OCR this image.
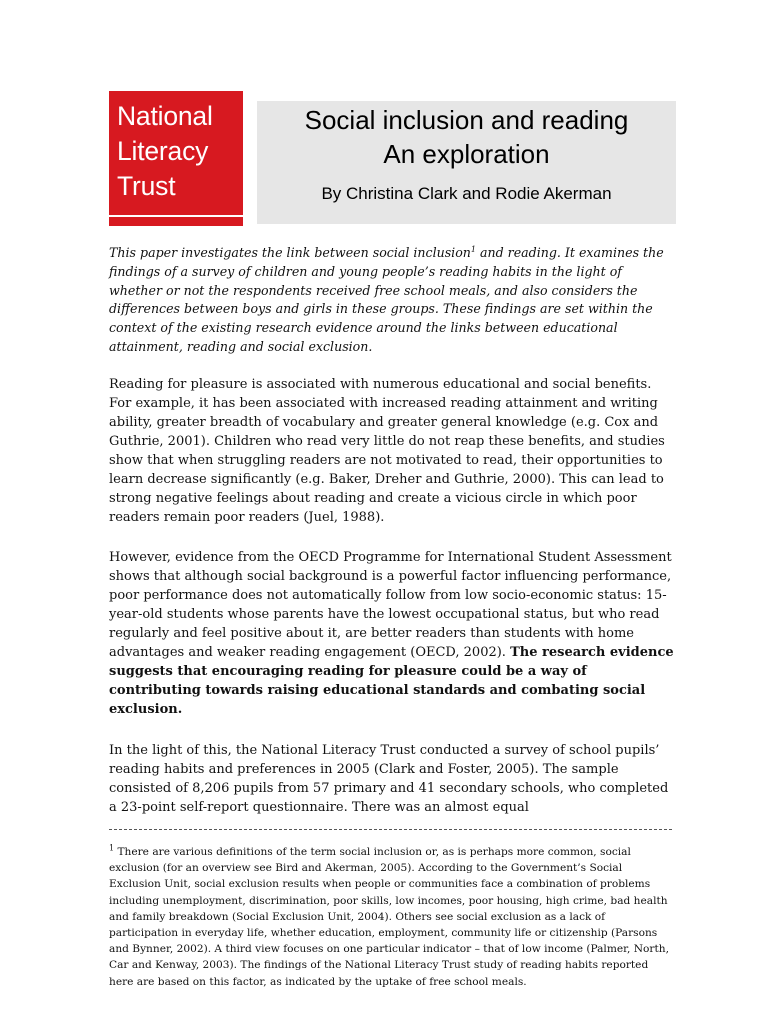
National
Literacy
Trust
Social inclusion and reading
An exploration
By Christina Clark and Rodie Akerman

This paper investigates the link between social inclusion$^1$ and reading. It examines the findings of a survey of children and young people’s reading habits in the light of whether or not the respondents received free school meals, and also considers the differences between boys and girls in these groups. These findings are set within the context of the existing research evidence around the links between educational attainment, reading and social exclusion.

Reading for pleasure is associated with numerous educational and social benefits. For example, it has been associated with increased reading attainment and writing ability, greater breadth of vocabulary and greater general knowledge (e.g. Cox and Guthrie, 2001). Children who read very little do not reap these benefits, and studies show that when struggling readers are not motivated to read, their opportunities to learn decrease significantly (e.g. Baker, Dreher and Guthrie, 2000). This can lead to strong negative feelings about reading and create a vicious circle in which poor readers remain poor readers (Juel, 1988).

However, evidence from the OECD Programme for International Student Assessment shows that although social background is a powerful factor influencing performance, poor performance does not automatically follow from low socio-economic status: 15-year-old students whose parents have the lowest occupational status, but who read regularly and feel positive about it, are better readers than students with home advantages and weaker reading engagement (OECD, 2002). The research evidence suggests that encouraging reading for pleasure could be a way of contributing towards raising educational standards and combating social exclusion.

In the light of this, the National Literacy Trust conducted a survey of school pupils’ reading habits and preferences in 2005 (Clark and Foster, 2005). The sample consisted of 8,206 pupils from 57 primary and 41 secondary schools, who completed a 23-point self-report questionnaire. There was an almost equal

$^1$ There are various definitions of the term social inclusion or, as is perhaps more common, social exclusion (for an overview see Bird and Akerman, 2005). According to the Government’s Social Exclusion Unit, social exclusion results when people or communities face a combination of problems including unemployment, discrimination, poor skills, low incomes, poor housing, high crime, bad health and family breakdown (Social Exclusion Unit, 2004). Others see social exclusion as a lack of participation in everyday life, whether education, employment, community life or citizenship (Parsons and Bynner, 2002). A third view focuses on one particular indicator – that of low income (Palmer, North, Car and Kenway, 2003). The findings of the National Literacy Trust study of reading habits reported here are based on this factor, as indicated by the uptake of free school meals.
